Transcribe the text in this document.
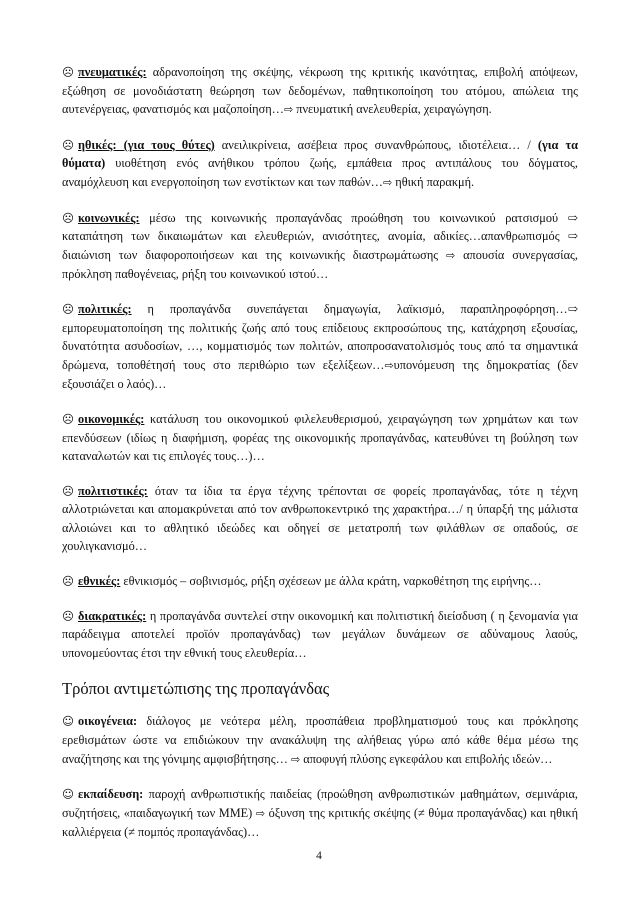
☹ πνευματικές: αδρανοποίηση της σκέψης, νέκρωση της κριτικής ικανότητας, επιβολή απόψεων, εξώθηση σε μονοδιάστατη θεώρηση των δεδομένων, παθητικοποίηση του ατόμου, απώλεια της αυτενέργειας, φανατισμός και μαζοποίηση…⇨ πνευματική ανελευθερία, χειραγώγηση.

☹ ηθικές: (για τους θύτες) ανειλικρίνεια, ασέβεια προς συνανθρώπους, ιδιοτέλεια… / (για τα θύματα) υιοθέτηση ενός ανήθικου τρόπου ζωής, εμπάθεια προς αντιπάλους του δόγματος, αναμόχλευση και ενεργοποίηση των ενστίκτων και των παθών…⇨ ηθική παρακμή.

☹ κοινωνικές: μέσω της κοινωνικής προπαγάνδας προώθηση του κοινωνικού ρατσισμού ⇨ καταπάτηση των δικαιωμάτων και ελευθεριών, ανισότητες, ανομία, αδικίες…απανθρωπισμός ⇨ διαιώνιση των διαφοροποιήσεων και της κοινωνικής διαστρωμάτωσης ⇨ απουσία συνεργασίας, πρόκληση παθογένειας, ρήξη του κοινωνικού ιστού…

☹ πολιτικές: η προπαγάνδα συνεπάγεται δημαγωγία, λαϊκισμό, παραπληροφόρηση…⇨ εμπορευματοποίηση της πολιτικής ζωής από τους επίδειους εκπροσώπους της, κατάχρηση εξουσίας, δυνατότητα ασυδοσίων, …, κομματισμός των πολιτών, αποπροσανατολισμός τους από τα σημαντικά δρώμενα, τοποθέτησή τους στο περιθώριο των εξελίξεων…⇨υπονόμευση της δημοκρατίας (δεν εξουσιάζει ο λαός)…

☹ οικονομικές: κατάλυση του οικονομικού φιλελευθερισμού, χειραγώγηση των χρημάτων και των επενδύσεων (ιδίως η διαφήμιση, φορέας της οικονομικής προπαγάνδας, κατευθύνει τη βούληση των καταναλωτών και τις επιλογές τους…)…

☹ πολιτιστικές: όταν τα ίδια τα έργα τέχνης τρέπονται σε φορείς προπαγάνδας, τότε η τέχνη αλλοτριώνεται και απομακρύνεται από τον ανθρωποκεντρικό της χαρακτήρα…/ η ύπαρξή της μάλιστα αλλοιώνει και το αθλητικό ιδεώδες και οδηγεί σε μετατροπή των φιλάθλων σε οπαδούς, σε χουλιγκανισμό…

☹ εθνικές: εθνικισμός – σοβινισμός, ρήξη σχέσεων με άλλα κράτη, ναρκοθέτηση της ειρήνης…

☹ διακρατικές: η προπαγάνδα συντελεί στην οικονομική και πολιτιστική διείσδυση ( η ξενομανία για παράδειγμα αποτελεί προϊόν προπαγάνδας) των μεγάλων δυνάμεων σε αδύναμους λαούς, υπονομεύοντας έτσι την εθνική τους ελευθερία…

Τρόποι αντιμετώπισης της προπαγάνδας

☺ οικογένεια: διάλογος με νεότερα μέλη, προσπάθεια προβληματισμού τους και πρόκλησης ερεθισμάτων ώστε να επιδιώκουν την ανακάλυψη της αλήθειας γύρω από κάθε θέμα μέσω της αναζήτησης και της γόνιμης αμφισβήτησης… ⇨ αποφυγή πλύσης εγκεφάλου και επιβολής ιδεών…

☺ εκπαίδευση: παροχή ανθρωπιστικής παιδείας (προώθηση ανθρωπιστικών μαθημάτων, σεμινάρια, συζητήσεις, «παιδαγωγική των ΜΜΕ) ⇨ όξυνση της κριτικής σκέψης (≠ θύμα προπαγάνδας) και ηθική καλλιέργεια (≠ πομπός προπαγάνδας)…

4
